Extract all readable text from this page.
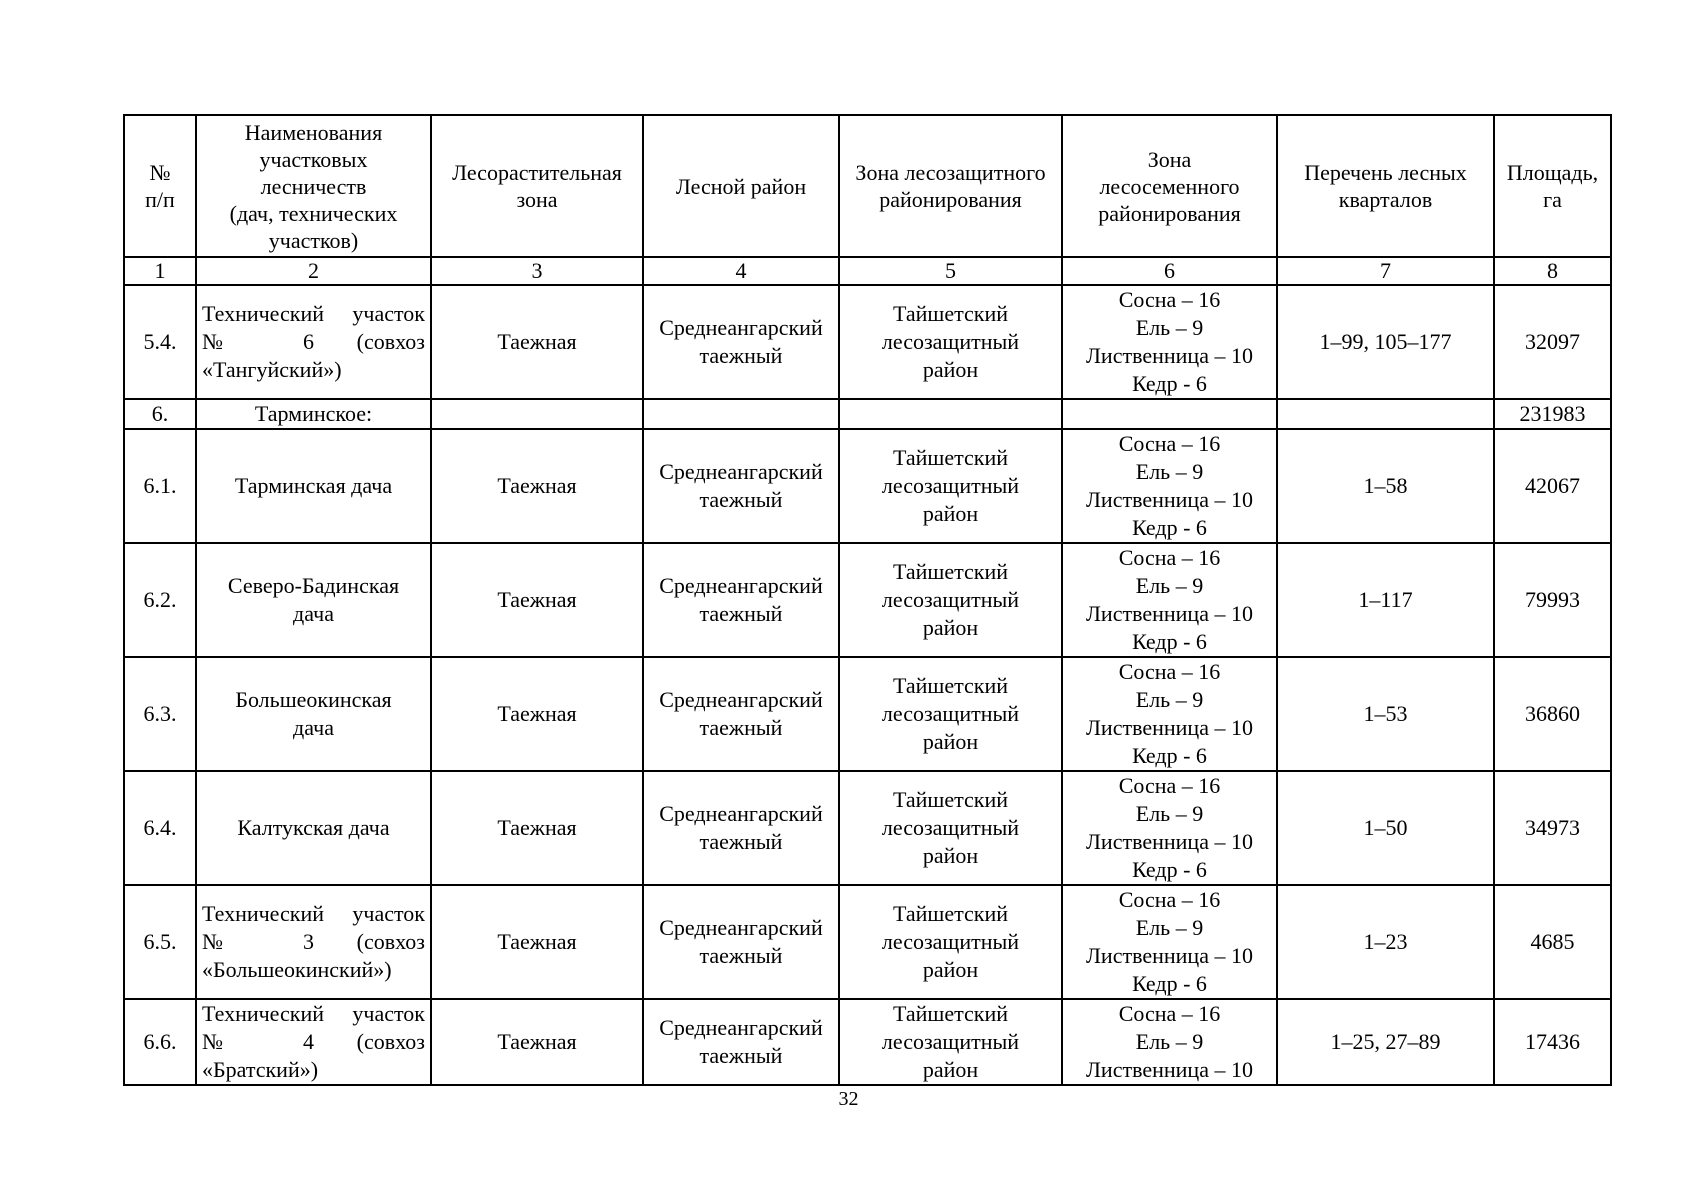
№
п/п	Наименования
участковых
лесничеств
(дач, технических
участков)	Лесорастительная
зона	Лесной район	Зона лесозащитного
районирования	Зона
лесосеменного
районирования	Перечень лесных
кварталов	Площадь,
га

1	2	3	4	5	6	7	8
5.4.	Технический участок
№ 6 (совхоз
«Тангуйский»)	Таежная	Среднеангарский
таежный	Тайшетский
лесозащитный
район	Сосна – 16
Ель – 9
Лиственница – 10
Кедр - 6	1–99, 105–177	32097
6.	Тарминское:						231983
6.1.	Тарминская дача	Таежная	Среднеангарский
таежный	Тайшетский
лесозащитный
район	Сосна – 16
Ель – 9
Лиственница – 10
Кедр - 6	1–58	42067
6.2.	Северо-Бадинская
дача	Таежная	Среднеангарский
таежный	Тайшетский
лесозащитный
район	Сосна – 16
Ель – 9
Лиственница – 10
Кедр - 6	1–117	79993
6.3.	Большеокинская
дача	Таежная	Среднеангарский
таежный	Тайшетский
лесозащитный
район	Сосна – 16
Ель – 9
Лиственница – 10
Кедр - 6	1–53	36860
6.4.	Калтукская дача	Таежная	Среднеангарский
таежный	Тайшетский
лесозащитный
район	Сосна – 16
Ель – 9
Лиственница – 10
Кедр - 6	1–50	34973
6.5.	Технический участок
№ 3 (совхоз
«Большеокинский»)	Таежная	Среднеангарский
таежный	Тайшетский
лесозащитный
район	Сосна – 16
Ель – 9
Лиственница – 10
Кедр - 6	1–23	4685
6.6.	Технический участок
№ 4 (совхоз
«Братский»)	Таежная	Среднеангарский
таежный	Тайшетский
лесозащитный
район	Сосна – 16
Ель – 9
Лиственница – 10	1–25, 27–89	17436
32
